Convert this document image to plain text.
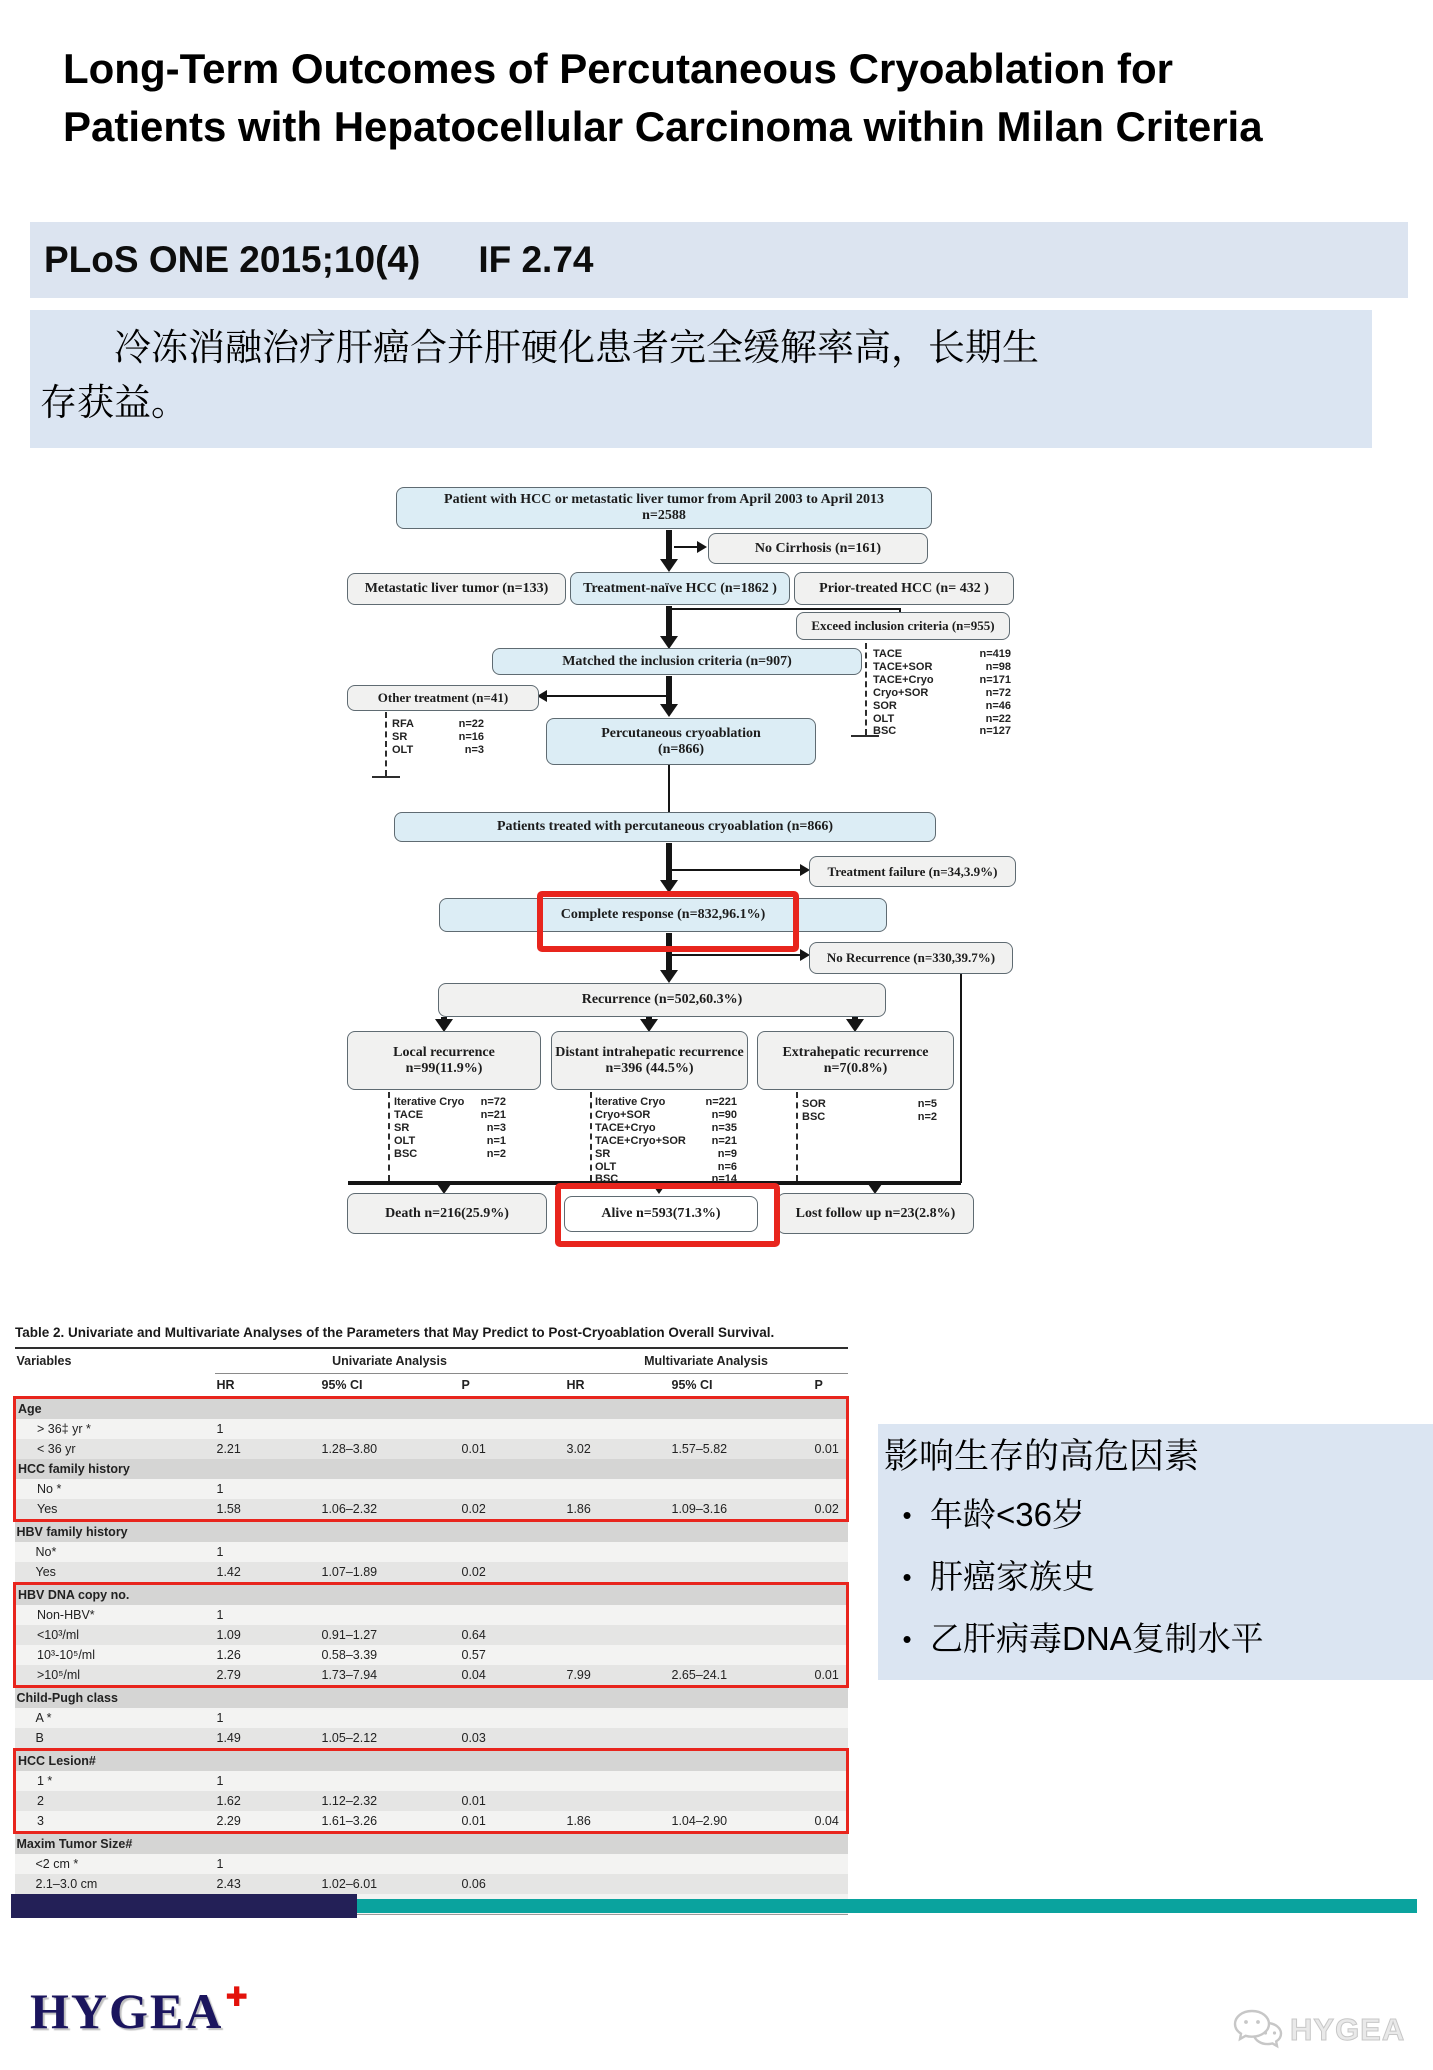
Long-Term Outcomes of Percutaneous Cryoablation for
Patients with Hepatocellular Carcinoma within Milan Criteria
PLoS ONE 2015;10(4) IF 2.74
　　冷冻消融治疗肝癌合并肝硬化患者完全缓解率高，长期生
存获益。
Patient with HCC or metastatic liver tumor from April 2003 to April 2013
n=2588
No Cirrhosis (n=161)
Metastatic liver tumor (n=133) Treatment-naïve HCC (n=1862 )	Prior-treated HCC (n= 432 )
Exceed inclusion criteria (n=955)
TACE	n=419
TACE+SOR	n=98
TACE+Cryo	n=171
Cryo+SOR	n=72
SOR	n=46
OLT	n=22
BSC	n=127
Matched the inclusion criteria (n=907)
Other treatment (n=41)
RFA	n=22
SR	n=16
OLT	n=3
Percutaneous cryoablation
(n=866)
Patients treated with percutaneous cryoablation (n=866)
Treatment failure (n=34,3.9%)
Complete response (n=832,96.1%)
No Recurrence (n=330,39.7%)
Recurrence (n=502,60.3%)
Local recurrence
n=99(11.9%)
Distant intrahepatic recurrence
n=396 (44.5%)
Extrahepatic recurrence
n=7(0.8%)
Iterative Cryo n=72
TACE	n=21
SR	n=3
OLT	n=1
BSC	n=2
Iterative Cryo	n=221
Cryo+SOR	n=90
TACE+Cryo	n=35
TACE+Cryo+SOR n=21
SR	n=9
OLT	n=6
BSC	n=14
SOR	n=5
BSC	n=2
Death n=216(25.9%)	Alive n=593(71.3%)	Lost follow up n=23(2.8%)

Table 2. Univariate and Multivariate Analyses of the Parameters that May Predict to Post-Cryoablation Overall Survival.

Variables	Univariate Analysis			Multivariate Analysis		
	HR	95% CI	P	HR	95% CI	P
Age						
> 36‡ yr *	1					
< 36 yr	2.21	1.28–3.80	0.01	3.02	1.57–5.82	0.01
HCC family history						
No *	1					
Yes	1.58	1.06–2.32	0.02	1.86	1.09–3.16	0.02
HBV family history						
No*	1					
Yes	1.42	1.07–1.89	0.02			
HBV DNA copy no.						
Non-HBV*	1					
<10³/ml	1.09	0.91–1.27	0.64			
10³-10⁵/ml	1.26	0.58–3.39	0.57			
>10⁵/ml	2.79	1.73–7.94	0.04	7.99	2.65–24.1	0.01
Child-Pugh class						
A *	1					
B	1.49	1.05–2.12	0.03			
HCC Lesion#						
1 *	1					
2	1.62	1.12–2.32	0.01			
3	2.29	1.61–3.26	0.01	1.86	1.04–2.90	0.04
Maxim Tumor Size#						
<2 cm *	1					
2.1–3.0 cm	2.43	1.02–6.01	0.06			

影响生存的高危因素
• 年龄<36岁
• 肝癌家族史
• 乙肝病毒DNA复制水平
HYGEA✚
HYGEA
